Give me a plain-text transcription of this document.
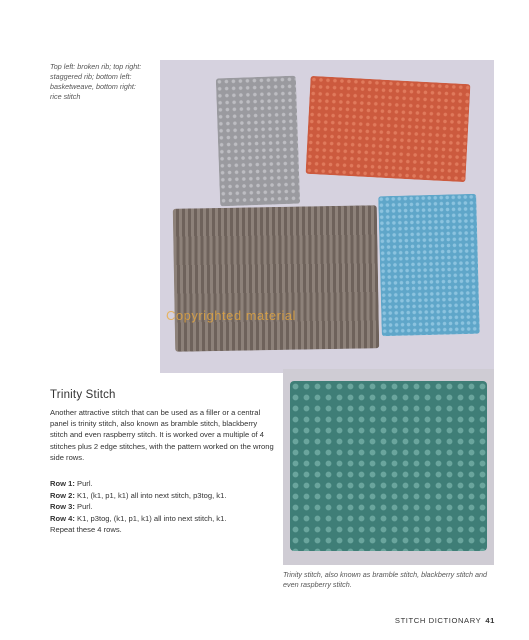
Top left: broken rib; top right: staggered rib; bottom left: basketweave, bottom right: rice stitch
Copyrighted material
Trinity Stitch
Another attractive stitch that can be used as a filler or a central panel is trinity stitch, also known as bramble stitch, blackberry stitch and even raspberry stitch. It is worked over a multiple of 4 stitches plus 2 edge stitches, with the pattern worked on the wrong side rows.
Row 1: Purl.
Row 2: K1, (k1, p1, k1) all into next stitch, p3tog, k1.
Row 3: Purl.
Row 4: K1, p3tog, (k1, p1, k1) all into next stitch, k1.
Repeat these 4 rows.
Trinity stitch, also known as bramble stitch, blackberry stitch and even raspberry stitch.
STITCH DICTIONARY 41
